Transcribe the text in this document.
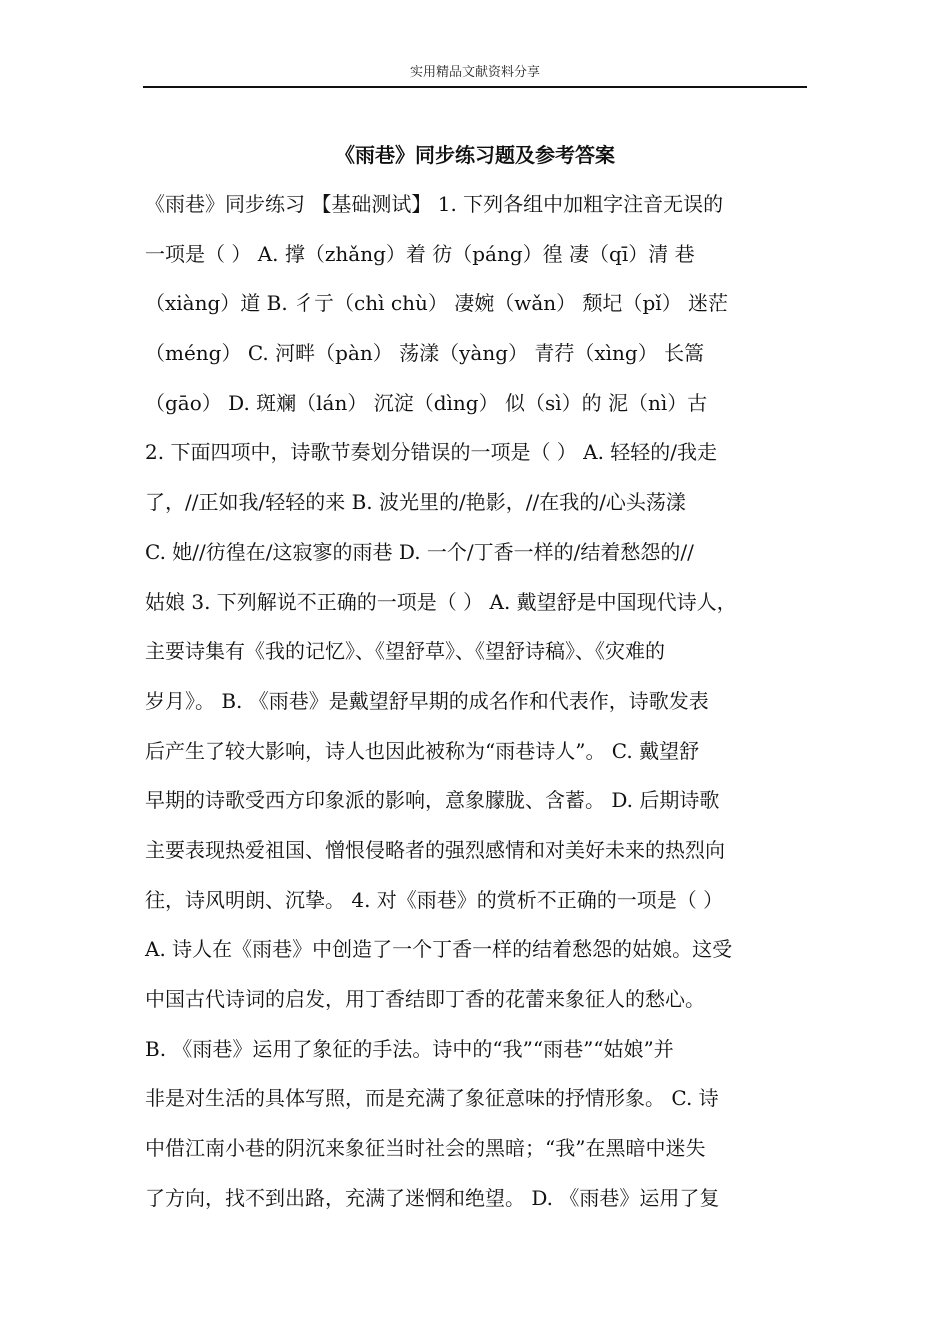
实用精品文献资料分享
《雨巷》同步练习题及参考答案
《雨巷》同步练习 【基础测试】 1. 下列各组中加粗字注音无误的
一项是（ ） A. 撑（zhǎng）着 彷（páng）徨 凄（qī）清 巷
（xiàng）道 B. 彳亍（chì chù） 凄婉（wǎn） 颓圮（pǐ） 迷茫
（méng） C. 河畔（pàn） 荡漾（yàng） 青荇（xìng） 长篙
（gāo） D. 斑斓（lán） 沉淀（dìng） 似（sì）的 泥（nì）古
2. 下面四项中，诗歌节奏划分错误的一项是（ ） A. 轻轻的/我走
了，//正如我/轻轻的来 B. 波光里的/艳影，//在我的/心头荡漾
C. 她//彷徨在/这寂寥的雨巷 D. 一个/丁香一样的/结着愁怨的//
姑娘 3. 下列解说不正确的一项是（ ） A. 戴望舒是中国现代诗人，
主要诗集有《我的记忆》、《望舒草》、《望舒诗稿》、《灾难的
岁月》。 B. 《雨巷》是戴望舒早期的成名作和代表作，诗歌发表
后产生了较大影响，诗人也因此被称为“雨巷诗人”。 C. 戴望舒
早期的诗歌受西方印象派的影响，意象朦胧、含蓄。 D. 后期诗歌
主要表现热爱祖国、憎恨侵略者的强烈感情和对美好未来的热烈向
往，诗风明朗、沉挚。 4. 对《雨巷》的赏析不正确的一项是（ ）
A. 诗人在《雨巷》中创造了一个丁香一样的结着愁怨的姑娘。这受
中国古代诗词的启发，用丁香结即丁香的花蕾来象征人的愁心。
B. 《雨巷》运用了象征的手法。诗中的“我”“雨巷”“姑娘”并
非是对生活的具体写照，而是充满了象征意味的抒情形象。 C. 诗
中借江南小巷的阴沉来象征当时社会的黑暗；“我”在黑暗中迷失
了方向，找不到出路，充满了迷惘和绝望。 D. 《雨巷》运用了复
